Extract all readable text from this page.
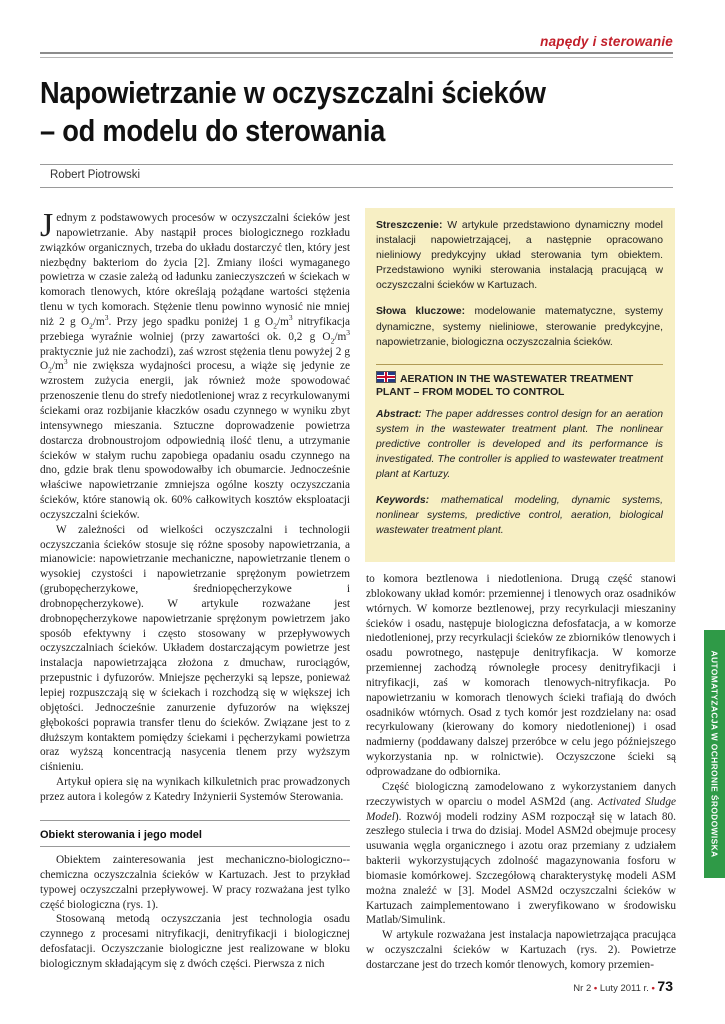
napędy i sterowanie
Napowietrzanie w oczyszczalni ścieków
– od modelu do sterowania
Robert Piotrowski

Jednym z podstawowych procesów w oczyszczalni ścieków jest napowietrzanie. Aby nastąpił proces biologicznego rozkładu związków organicznych, trzeba do układu dostarczyć tlen, który jest niezbędny bakteriom do życia [2]. Zmiany ilości wymaganego powietrza w czasie zależą od ładunku zanieczyszczeń w ściekach w komorach tlenowych, które określają pożądane wartości stężenia tlenu w tych komorach. Stężenie tlenu powinno wynosić nie mniej niż 2 g $O_2/m^3$. Przy jego spadku poniżej 1 g $O_2/m^3$ nitryfikacja przebiega wyraźnie wolniej (przy zawartości ok. 0,2 g $O_2/m^3$ praktycznie już nie zachodzi), zaś wzrost stężenia tlenu powyżej 2 g $O_2/m^3$ nie zwiększa wydajności procesu, a wiąże się jedynie ze wzrostem zużycia energii, jak również może spowodować przenoszenie tlenu do strefy niedotlenionej wraz z recyrkulowanymi ściekami oraz rozbijanie kłaczków osadu czynnego w wyniku zbyt intensywnego mieszania. Sztuczne doprowadzenie powietrza dostarcza drobnoustrojom odpowiednią ilość tlenu, a utrzymanie ścieków w stałym ruchu zapobiega opadaniu osadu czynnego na dno, gdzie brak tlenu spowodowałby ich obumarcie. Jednocześnie właściwe napowietrzanie zmniejsza ogólne koszty oczyszczania ścieków, które stanowią ok. 60% całkowitych kosztów eksploatacji oczyszczalni ścieków.

W zależności od wielkości oczyszczalni i technologii oczyszczania ścieków stosuje się różne sposoby napowietrzania, a mianowicie: napowietrzanie mechaniczne, napowietrzanie tlenem o wysokiej czystości i napowietrzanie sprężonym powietrzem (grubopęcherzykowe, średniopęcherzykowe i drobnopęcherzykowe). W artykule rozważane jest drobnopęcherzykowe napowietrzanie sprężonym powietrzem jako sposób efektywny i często stosowany w przepływowych oczyszczalniach ścieków. Układem dostarczającym powietrze jest instalacja napowietrzająca złożona z dmuchaw, rurociągów, przepustnic i dyfuzorów. Mniejsze pęcherzyki są lepsze, ponieważ lepiej rozpuszczają się w ściekach i rozchodzą się w większej ich objętości. Jednocześnie zanurzenie dyfuzorów na większej głębokości poprawia transfer tlenu do ścieków. Związane jest to z dłuższym kontaktem pomiędzy ściekami i pęcherzykami powietrza oraz wyższą koncentracją nasycenia tlenem przy wyższym ciśnieniu.

Artykuł opiera się na wynikach kilkuletnich prac prowadzonych przez autora i kolegów z Katedry Inżynierii Systemów Sterowania.

Obiekt sterowania i jego model

Obiektem zainteresowania jest mechaniczno-biologiczno--chemiczna oczyszczalnia ścieków w Kartuzach. Jest to przykład typowej oczyszczalni przepływowej. W pracy rozważana jest tylko część biologiczna (rys. 1).

Stosowaną metodą oczyszczania jest technologia osadu czynnego z procesami nitryfikacji, denitryfikacji i biologicznej defosfatacji. Oczyszczanie biologiczne jest realizowane w bloku biologicznym składającym się z dwóch części. Pierwsza z nich

Streszczenie: W artykule przedstawiono dynamiczny model instalacji napowietrzającej, a następnie opracowano nieliniowy predykcyjny układ sterowania tym obiektem. Przedstawiono wyniki sterowania instalacją pracującą w oczyszczalni ścieków w Kartuzach.

Słowa kluczowe: modelowanie matematyczne, systemy dynamiczne, systemy nieliniowe, sterowanie predykcyjne, napowietrzanie, biologiczna oczyszczalnia ścieków.

AERATION IN THE WASTEWATER TREATMENT
PLANT – FROM MODEL TO CONTROL

Abstract: The paper addresses control design for an aeration system in the wastewater treatment plant. The nonlinear predictive controller is developed and its performance is investigated. The controller is applied to wastewater treatment plant at Kartuzy.

Keywords: mathematical modeling, dynamic systems, nonlinear systems, predictive control, aeration, biological wastewater treatment plant.

to komora beztlenowa i niedotleniona. Drugą część stanowi zblokowany układ komór: przemiennej i tlenowych oraz osadników wtórnych. W komorze beztlenowej, przy recyrkulacji mieszaniny ścieków i osadu, następuje biologiczna defosfatacja, a w komorze niedotlenionej, przy recyrkulacji ścieków ze zbiorników tlenowych i osadu powrotnego, następuje denitryfikacja. W komorze przemiennej zachodzą równoległe procesy denitryfikacji i nitryfikacji, zaś w komorach tlenowych-nitryfikacja. Po napowietrzaniu w komorach tlenowych ścieki trafiają do dwóch osadników wtórnych. Osad z tych komór jest rozdzielany na: osad recyrkulowany (kierowany do komory niedotlenionej) i osad nadmierny (poddawany dalszej przeróbce w celu jego późniejszego wykorzystania np. w rolnictwie). Oczyszczone ścieki są odprowadzane do odbiornika.

Część biologiczną zamodelowano z wykorzystaniem danych rzeczywistych w oparciu o model ASM2d (ang. Activated Sludge Model). Rozwój modeli rodziny ASM rozpoczął się w latach 80. zeszłego stulecia i trwa do dzisiaj. Model ASM2d obejmuje procesy usuwania węgla organicznego i azotu oraz przemiany z udziałem bakterii wykorzystujących zdolność magazynowania fosforu w biomasie komórkowej. Szczegółową charakterystykę modeli ASM można znaleźć w [3]. Model ASM2d oczyszczalni ścieków w Kartuzach zaimplementowano i zweryfikowano w środowisku Matlab/Simulink.

W artykule rozważana jest instalacja napowietrzająca pracująca w oczyszczalni ścieków w Kartuzach (rys. 2). Powietrze dostarczane jest do trzech komór tlenowych, komory przemien-

AUTOMATYZACJA W OCHRONIE ŚRODOWISKA
Nr 2 • Luty 2011 r. • 73
